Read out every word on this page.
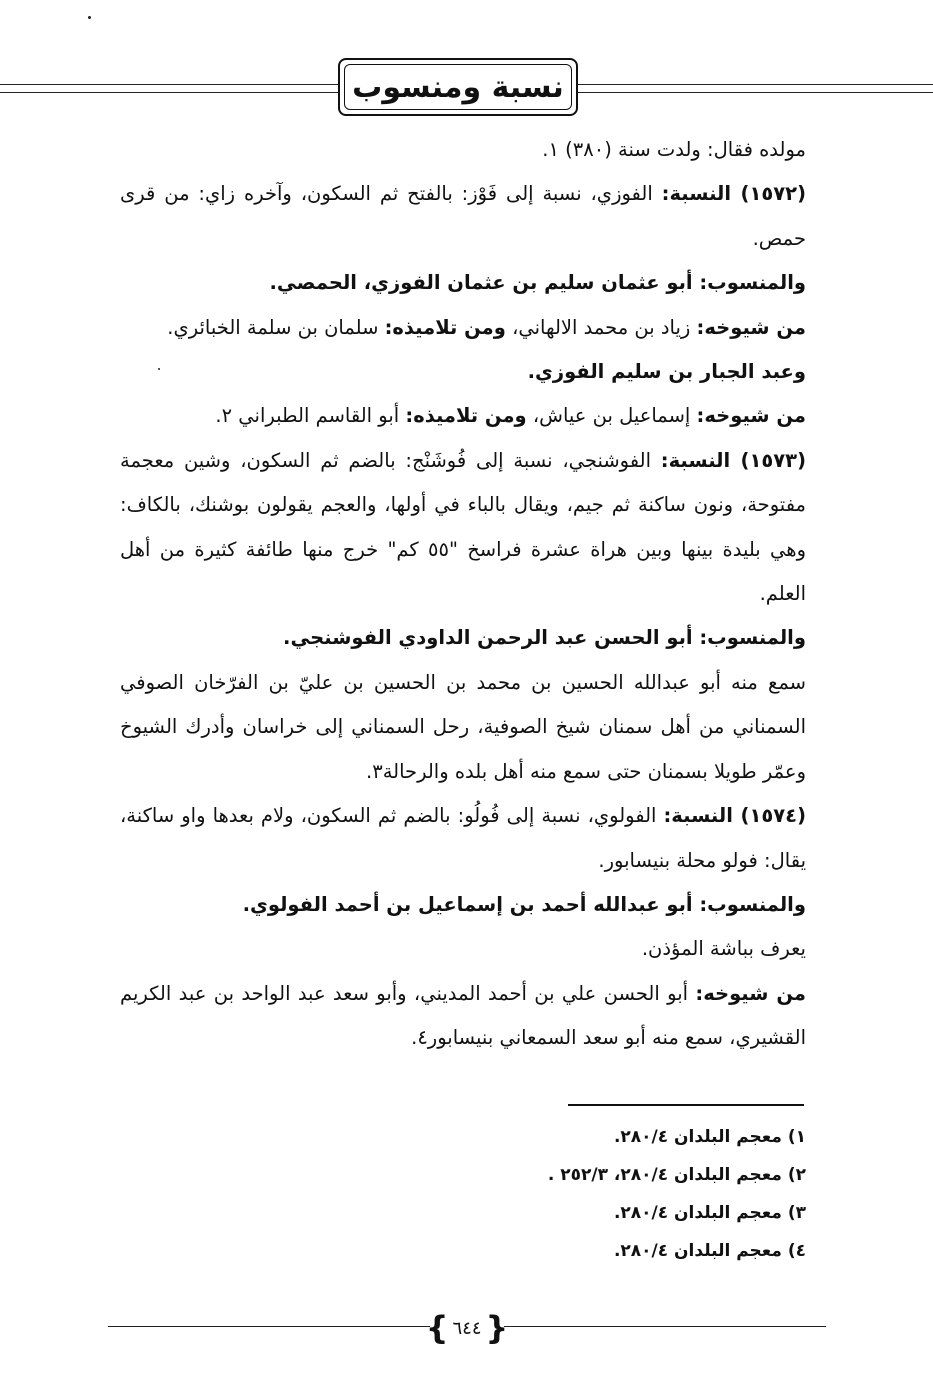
نسبة ومنسوب

مولده فقال: ولدت سنة (٣٨٠) ١.

(١٥٧٢) النسبة: الفوزي، نسبة إلى فَوْز: بالفتح ثم السكون، وآخره زاي: من قرى حمص.

والمنسوب: أبو عثمان سليم بن عثمان الفوزي، الحمصي.

من شيوخه: زياد بن محمد الالهاني، ومن تلاميذه: سلمان بن سلمة الخبائري.

وعبد الجبار بن سليم الفوزي.

من شيوخه: إسماعيل بن عياش، ومن تلاميذه: أبو القاسم الطبراني ٢.

(١٥٧٣) النسبة: الفوشنجي، نسبة إلى فُوشَنْج: بالضم ثم السكون، وشين معجمة مفتوحة، ونون ساكنة ثم جيم، ويقال بالباء في أولها، والعجم يقولون بوشنك، بالكاف: وهي بليدة بينها وبين هراة عشرة فراسخ "٥٥ كم" خرج منها طائفة كثيرة من أهل العلم.

والمنسوب: أبو الحسن عبد الرحمن الداودي الفوشنجي.

سمع منه أبو عبدالله الحسين بن محمد بن الحسين بن عليّ بن الفرّخان الصوفي السمناني من أهل سمنان شيخ الصوفية، رحل السمناني إلى خراسان وأدرك الشيوخ وعمّر طويلا بسمنان حتى سمع منه أهل بلده والرحالة٣.

(١٥٧٤) النسبة: الفولوي، نسبة إلى فُولُو: بالضم ثم السكون، ولام بعدها واو ساكنة، يقال: فولو محلة بنيسابور.

والمنسوب: أبو عبدالله أحمد بن إسماعيل بن أحمد الفولوي.

يعرف بباشة المؤذن.

من شيوخه: أبو الحسن علي بن أحمد المديني، وأبو سعد عبد الواحد بن عبد الكريم القشيري، سمع منه أبو سعد السمعاني بنيسابور٤.

١) معجم البلدان ٢٨٠/٤.
٢) معجم البلدان ٢٨٠/٤، ٢٥٢/٣ .
٣) معجم البلدان ٢٨٠/٤.
٤) معجم البلدان ٢٨٠/٤.
{
٦٤٤
}
